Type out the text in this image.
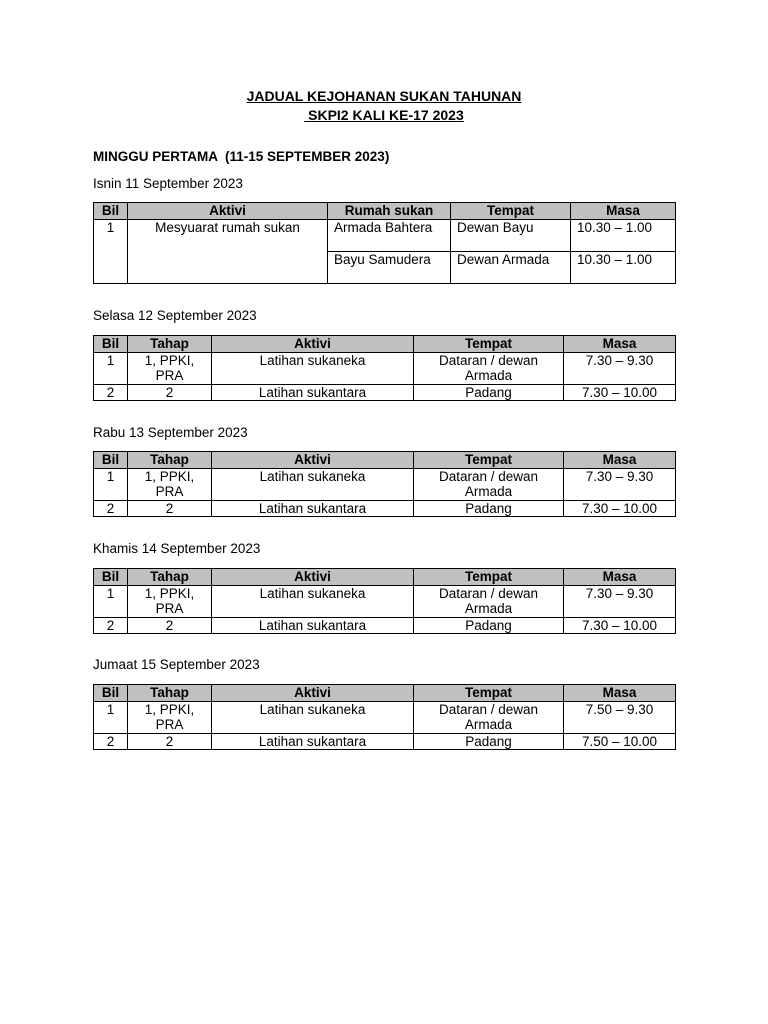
JADUAL KEJOHANAN SUKAN TAHUNAN
SKPI2 KALI KE-17 2023
MINGGU PERTAMA  (11-15 SEPTEMBER 2023)
Isnin 11 September 2023
Bil	Aktivi	Rumah sukan	Tempat	Masa
1	Mesyuarat rumah sukan	Armada Bahtera	Dewan Bayu	10.30 – 1.00
		Bayu Samudera	Dewan Armada	10.30 – 1.00
Selasa 12 September 2023
Bil	Tahap	Aktivi	Tempat	Masa
1	1, PPKI, PRA	Latihan sukaneka	Dataran / dewan Armada	7.30 – 9.30
2	2	Latihan sukantara	Padang	7.30 – 10.00
Rabu 13 September 2023
Bil	Tahap	Aktivi	Tempat	Masa
1	1, PPKI, PRA	Latihan sukaneka	Dataran / dewan Armada	7.30 – 9.30
2	2	Latihan sukantara	Padang	7.30 – 10.00
Khamis 14 September 2023
Bil	Tahap	Aktivi	Tempat	Masa
1	1, PPKI, PRA	Latihan sukaneka	Dataran / dewan Armada	7.30 – 9.30
2	2	Latihan sukantara	Padang	7.30 – 10.00
Jumaat 15 September 2023
Bil	Tahap	Aktivi	Tempat	Masa
1	1, PPKI, PRA	Latihan sukaneka	Dataran / dewan Armada	7.50 – 9.30
2	2	Latihan sukantara	Padang	7.50 – 10.00
